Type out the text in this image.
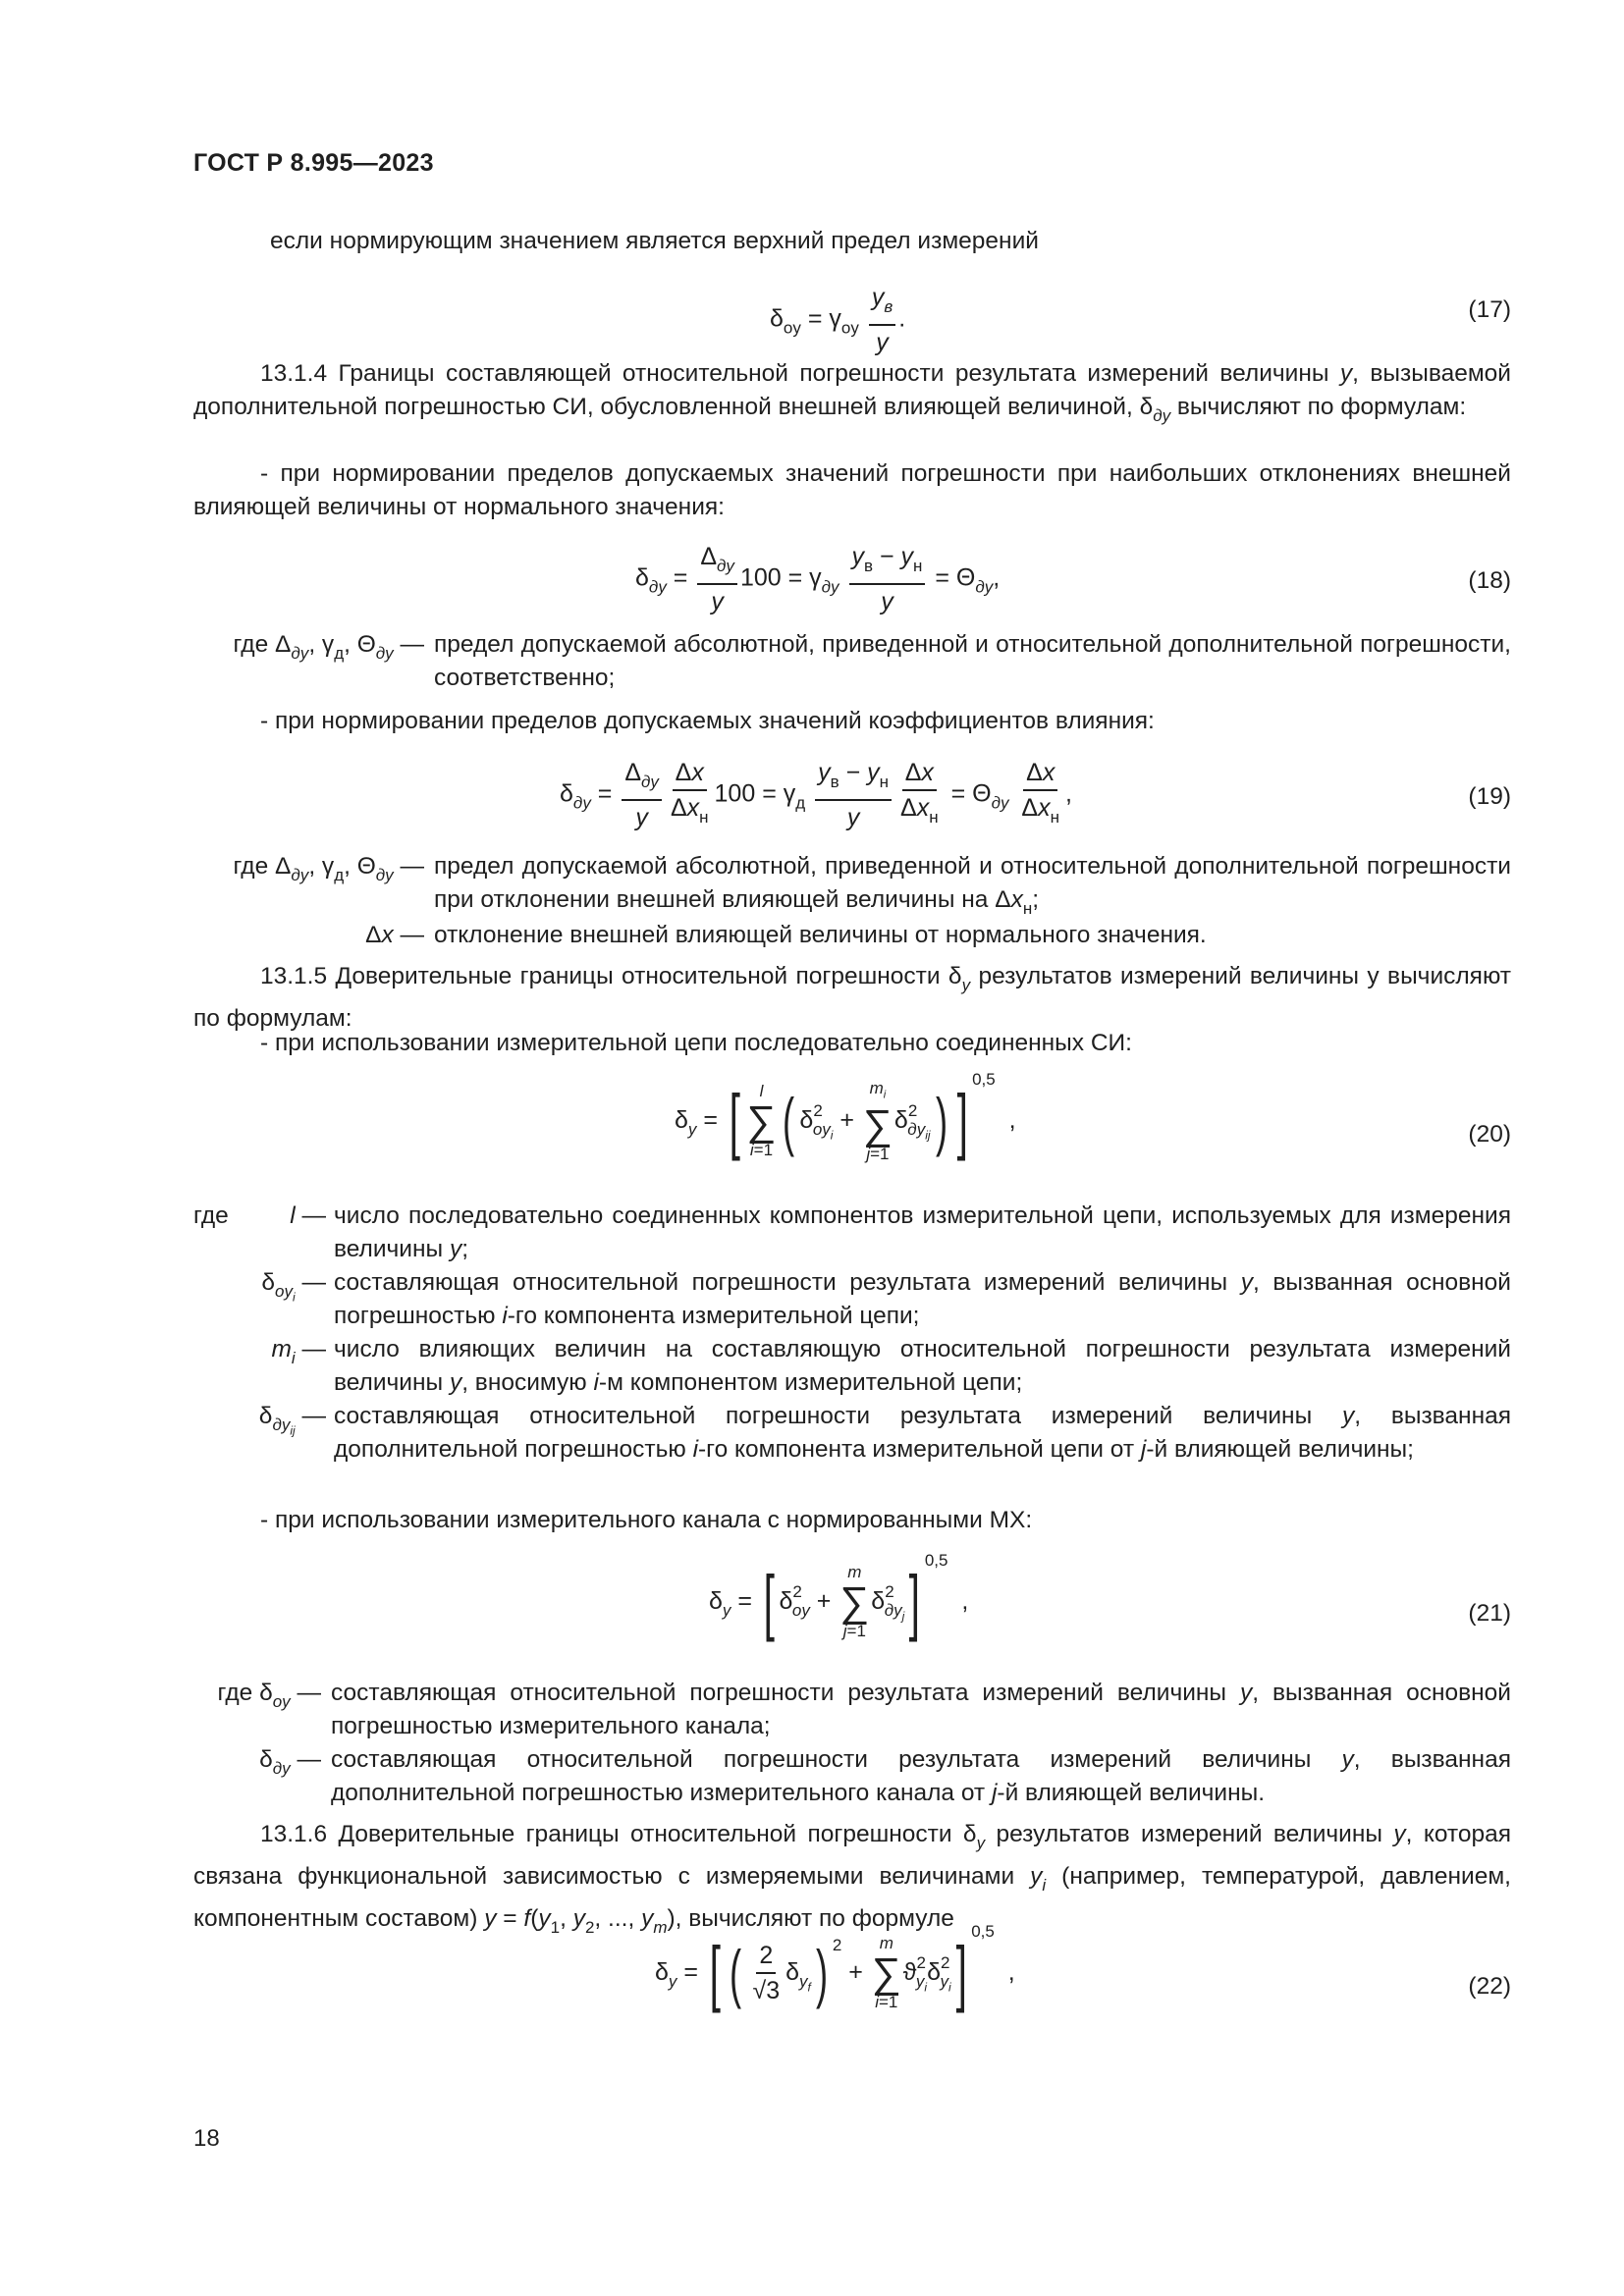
ГОСТ Р 8.995—2023
если нормирующим значением является верхний предел измерений
$\delta_{oy} = \gamma_{oy} \frac{y_в}{y}$ .	(17)
13.1.4 Границы составляющей относительной погрешности результата измерений величины y, вызываемой дополнительной погрешностью СИ, обусловленной внешней влияющей величиной, $\delta_{дy}$ вычисляют по формулам:
- при нормировании пределов допускаемых значений погрешности при наибольших отклонениях внешней влияющей величины от нормального значения:
$\delta_{дy} = \frac{\Delta_{дy}}{y} 100 = \gamma_{дy} \frac{y_в - y_н}{y} = \Theta_{дy}$,	(18)
где $\Delta_{дy}$, $\gamma_д$, $\Theta_{дy}$ — предел допускаемой абсолютной, приведенной и относительной дополнительной погрешности, соответственно;
- при нормировании пределов допускаемых значений коэффициентов влияния:
$\delta_{дy} = \frac{\Delta_{дy}}{y} \frac{\Delta x}{\Delta x_н} 100 = \gamma_д \frac{y_в - y_н}{y} \frac{\Delta x}{\Delta x_н} = \Theta_{дy} \frac{\Delta x}{\Delta x_н}$ ,	(19)
где $\Delta_{дy}$, $\gamma_д$, $\Theta_{дy}$ — предел допускаемой абсолютной, приведенной и относительной дополнительной погрешности при отклонении внешней влияющей величины на $\Delta x_н$;
Δx — отклонение внешней влияющей величины от нормального значения.
13.1.5 Доверительные границы относительной погрешности $\delta_y$ результатов измерений величины y вычисляют по формулам:
- при использовании измерительной цепи последовательно соединенных СИ:
$\delta_y$ = [ l
∑
i=1 ( $\delta^2_{oy_i}$ +
$m_i$
∑
j=1
$\delta^2_{дy_{ij}}$) ]$^{0,5}$  ,
(20)
где	l — число последовательно соединенных компонентов измерительной цепи, используемых для измерения величины y;
$\delta_{oy_i}$ — составляющая относительной погрешности результата измерений величины y, вызванная основной погрешностью i-го компонента измерительной цепи;
$m_i$ — число влияющих величин на составляющую относительной погрешности результата измерений величины y, вносимую i-м компонентом измерительной цепи;
$\delta_{дy_{ij}}$ — составляющая относительной погрешности результата измерений величины y, вызванная дополнительной погрешностью i-го компонента измерительной цепи от j-й влияющей величины;
- при использовании измерительного канала с нормированными МХ:
$\delta_y$ = [ $\delta^2_{oy}$ +
m
∑
j=1
$\delta^2_{дy_j}]^{0,5}$  ,	(21)
где $\delta_{oy}$ — составляющая относительной погрешности результата измерений величины y, вызванная основной погрешностью измерительного канала;
$\delta_{дy}$ — составляющая относительной погрешности результата измерений величины y, вызванная дополнительной погрешностью измерительного канала от j-й влияющей величины.
13.1.6 Доверительные границы относительной погрешности $\delta_y$ результатов измерений величины y, которая связана функциональной зависимостью с измеряемыми величинами $y_i$ (например, температурой, давлением, компонентным составом) $y = f(y_1$, $y_2$, ..., $y_m$), вычисляют по формуле
$\delta_y$ = [ ( $\frac{2}{√3} \delta_{y_f}$) $^2$ +
m
∑
i=1
$ϑ^2_{y_i}\delta^2_{y_i}]^{0,5}$  ,
(22)
18
